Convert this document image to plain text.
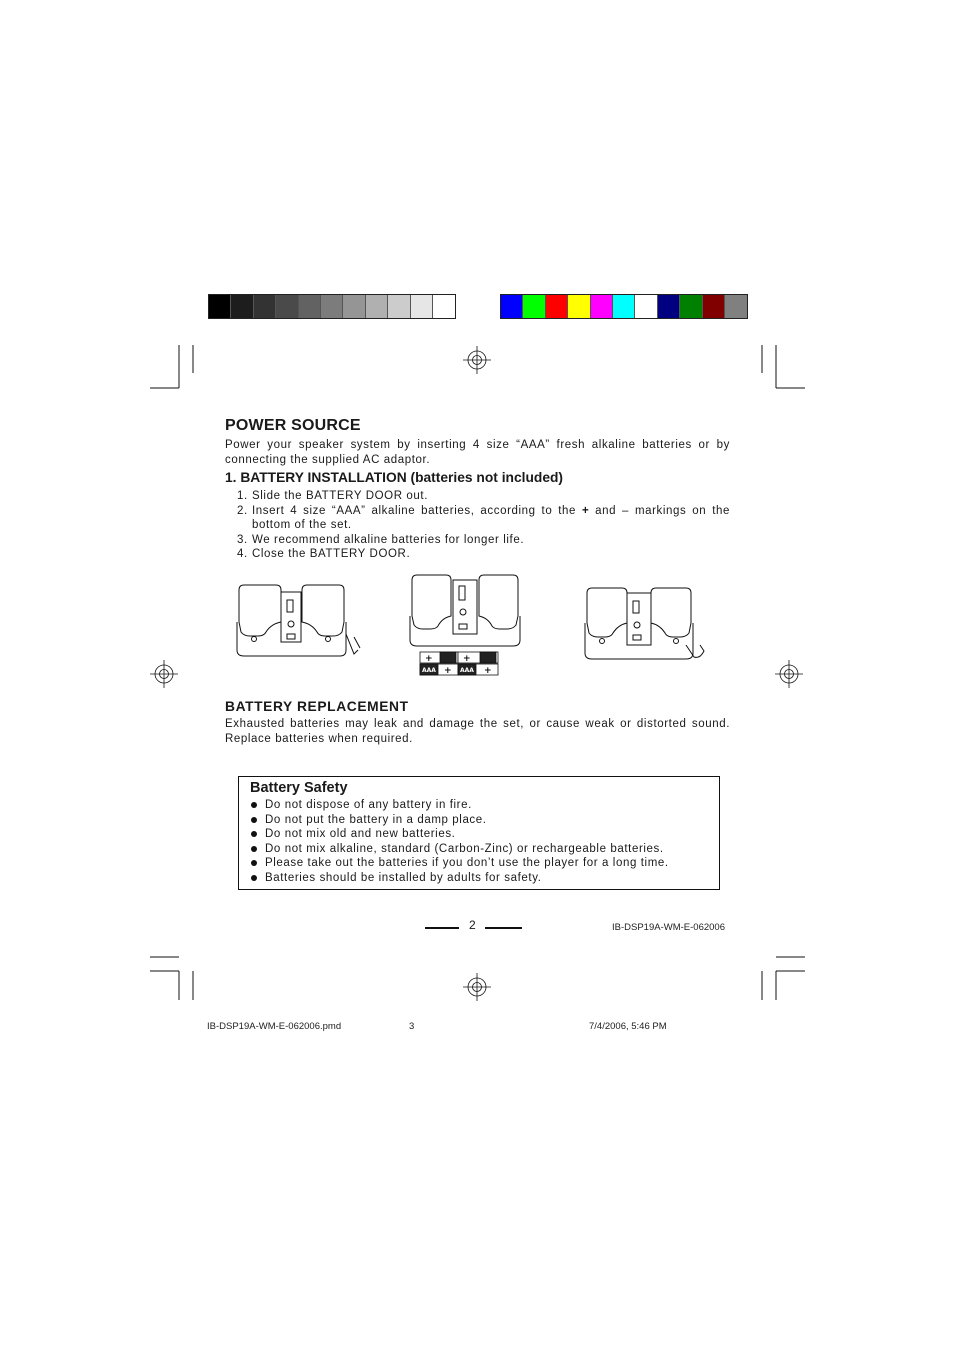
POWER SOURCE

Power your speaker system by inserting 4 size “AAA” fresh alkaline batteries or by connecting the supplied AC adaptor.

1. BATTERY INSTALLATION (batteries not included)
1. Slide the BATTERY DOOR out.
2. Insert 4 size “AAA” alkaline batteries, according to the + and – markings on the bottom of the set.
3. We recommend alkaline batteries for longer life.
4. Close the BATTERY DOOR.
AAA	AAA
+	+
+	+
BATTERY REPLACEMENT

Exhausted batteries may leak and damage the set, or cause weak or distorted sound. Replace batteries when required.

Battery Safety
Do not dispose of any battery in fire.
Do not put the battery in a damp place.
Do not mix old and new batteries.
Do not mix alkaline, standard (Carbon-Zinc) or rechargeable batteries.
Please take out the batteries if you don’t use the player for a long time.
Batteries should be installed by adults for safety.
2	IB-DSP19A-WM-E-062006
IB-DSP19A-WM-E-062006.pmd	3	7/4/2006, 5:46 PM
